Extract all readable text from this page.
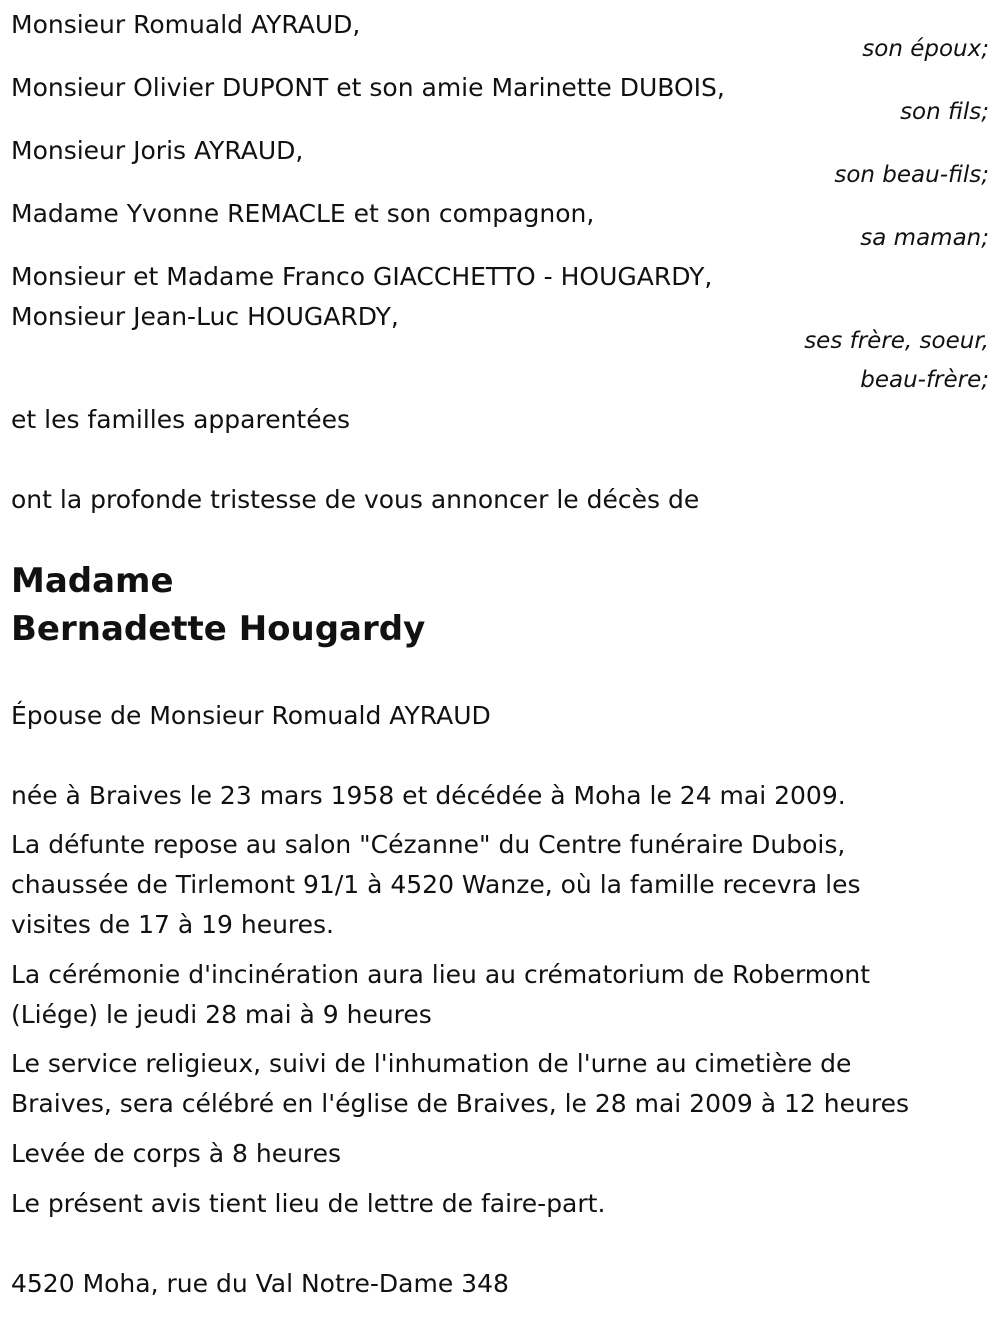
Monsieur Romuald AYRAUD,
son époux;
Monsieur Olivier DUPONT et son amie Marinette DUBOIS,
son fils;
Monsieur Joris AYRAUD,
son beau-fils;
Madame Yvonne REMACLE et son compagnon,
sa maman;
Monsieur et Madame Franco GIACCHETTO - HOUGARDY,
Monsieur Jean-Luc HOUGARDY,
ses frère, soeur,
beau-frère;
et les familles apparentées
ont la profonde tristesse de vous annoncer le décès de
Madame
Bernadette Hougardy
Épouse de Monsieur Romuald AYRAUD
née à Braives le 23 mars 1958 et décédée à Moha le 24 mai 2009.
La défunte repose au salon "Cézanne" du Centre funéraire Dubois,
chaussée de Tirlemont 91/1 à 4520 Wanze, où la famille recevra les
visites de 17 à 19 heures.
La cérémonie d'incinération aura lieu au crématorium de Robermont
(Liége) le jeudi 28 mai à 9 heures
Le service religieux, suivi de l'inhumation de l'urne au cimetière de
Braives, sera célébré en l'église de Braives, le 28 mai 2009 à 12 heures
Levée de corps à 8 heures
Le présent avis tient lieu de lettre de faire-part.
4520 Moha, rue du Val Notre-Dame 348
